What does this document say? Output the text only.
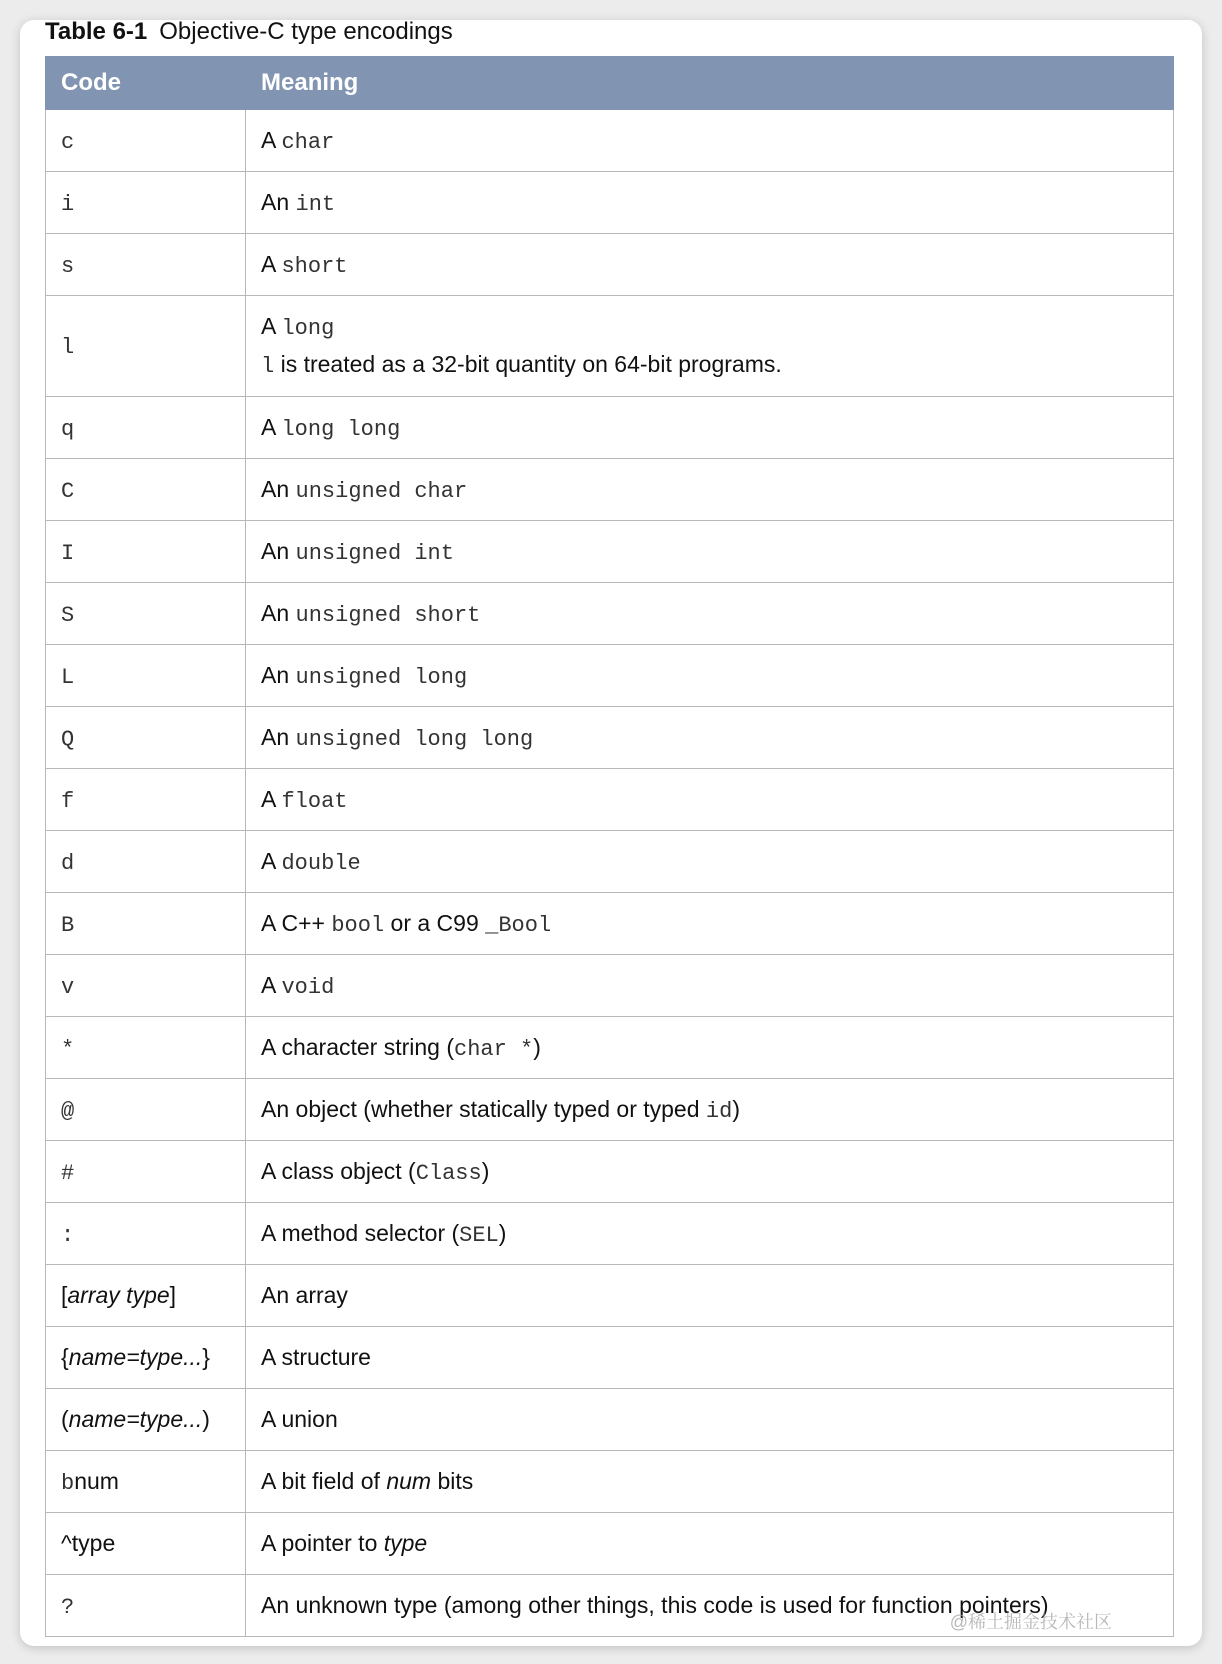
Table 6-1 Objective-C type encodings
Code	Meaning
c	A char
i	An int
s	A short
l	A long
l is treated as a 32-bit quantity on 64-bit programs.

q	A long long
C	An unsigned char
I	An unsigned int
S	An unsigned short
L	An unsigned long
Q	An unsigned long long
f	A float
d	A double
B	A C++ bool or a C99 _Bool
v	A void
*	A character string (char *)
@	An object (whether statically typed or typed id)
#	A class object (Class)
:	A method selector (SEL)
[array type]	An array
{name=type...}	A structure
(name=type...)	A union
bnum	A bit field of num bits
^type	A pointer to type
?	An unknown type (among other things, this code is used for function pointers)
@稀土掘金技术社区
